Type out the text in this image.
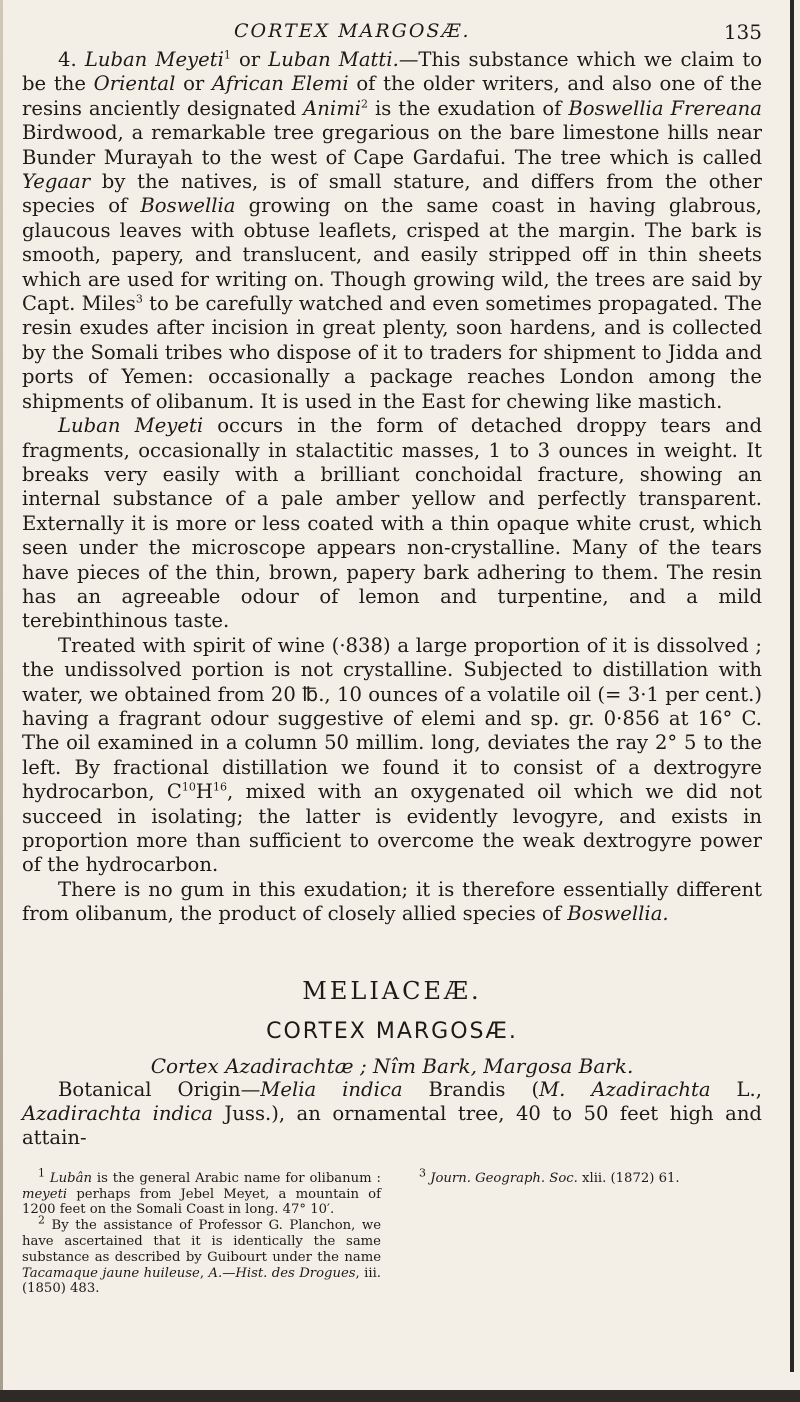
CORTEX MARGOSÆ.	135

4. Luban Meyeti$^1$ or Luban Matti.—This substance which we claim to be the Oriental or African Elemi of the older writers, and also one of the resins anciently designated Animi$^2$ is the exudation of Boswellia Frereana Birdwood, a remarkable tree gregarious on the bare limestone hills near Bunder Murayah to the west of Cape Gardafui. The tree which is called Yegaar by the natives, is of small stature, and differs from the other species of Boswellia growing on the same coast in having glabrous, glaucous leaves with obtuse leaflets, crisped at the margin. The bark is smooth, papery, and translucent, and easily stripped off in thin sheets which are used for writing on. Though growing wild, the trees are said by Capt. Miles$^3$ to be carefully watched and even sometimes propagated. The resin exudes after incision in great plenty, soon hardens, and is collected by the Somali tribes who dispose of it to traders for shipment to Jidda and ports of Yemen: occasionally a package reaches London among the shipments of olibanum. It is used in the East for chewing like mastich.

Luban Meyeti occurs in the form of detached droppy tears and fragments, occasionally in stalactitic masses, 1 to 3 ounces in weight. It breaks very easily with a brilliant conchoidal fracture, showing an internal substance of a pale amber yellow and perfectly transparent. Externally it is more or less coated with a thin opaque white crust, which seen under the microscope appears non-crystalline. Many of the tears have pieces of the thin, brown, papery bark adhering to them. The resin has an agreeable odour of lemon and turpentine, and a mild terebinthinous taste.

Treated with spirit of wine (·838) a large proportion of it is dissolved ; the undissolved portion is not crystalline. Subjected to distillation with water, we obtained from 20 ℔., 10 ounces of a volatile oil (= 3·1 per cent.) having a fragrant odour suggestive of elemi and sp. gr. 0·856 at 16° C. The oil examined in a column 50 millim. long, deviates the ray 2° 5 to the left. By fractional distillation we found it to consist of a dextrogyre hydrocarbon, $C^{10}H^{16}$, mixed with an oxygenated oil which we did not succeed in isolating; the latter is evidently levogyre, and exists in proportion more than sufficient to overcome the weak dextrogyre power of the hydrocarbon.

There is no gum in this exudation; it is therefore essentially different from olibanum, the product of closely allied species of Boswellia.

MELIACEÆ.
CORTEX MARGOSÆ.
Cortex Azadirachtæ ; Nîm Bark, Margosa Bark.

Botanical Origin—Melia indica Brandis (M. Azadirachta L., Azadirachta indica Juss.), an ornamental tree, 40 to 50 feet high and attain-

$^1$ Lubân is the general Arabic name for olibanum : meyeti perhaps from Jebel Meyet, a mountain of 1200 feet on the Somali Coast in long. 47° 10′.

$^2$ By the assistance of Professor G. Planchon, we have ascertained that it is identically the same substance as described by Guibourt under the name Tacamaque jaune huileuse, A.—Hist. des Drogues, iii. (1850) 483.

$^3$ Journ. Geograph. Soc. xlii. (1872) 61.
